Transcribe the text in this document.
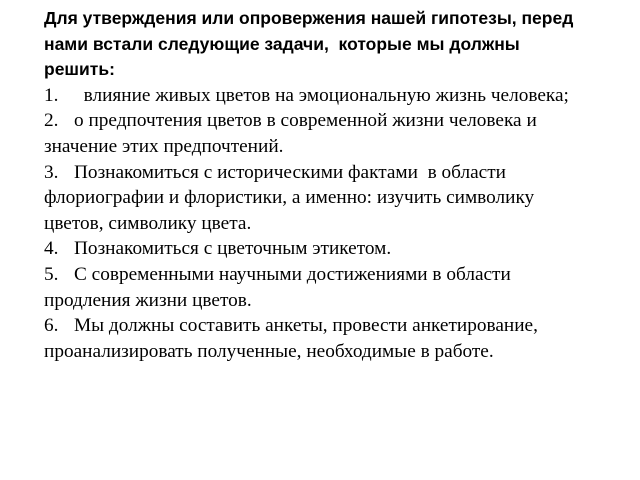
Для утверждения или опровержения нашей гипотезы, перед нами встали следующие задачи,  которые мы должны решить:

1.  влияние живых цветов на эмоциональную жизнь человека;
2. о предпочтения цветов в современной жизни человека и значение этих предпочтений.
3. Познакомиться с историческими фактами  в области флориографии и флористики, а именно: изучить символику цветов, символику цвета.
4. Познакомиться с цветочным этикетом.
5. С современными научными достижениями в области продления жизни цветов.
6. Мы должны составить анкеты, провести анкетирование, проанализировать полученные, необходимые в работе.
